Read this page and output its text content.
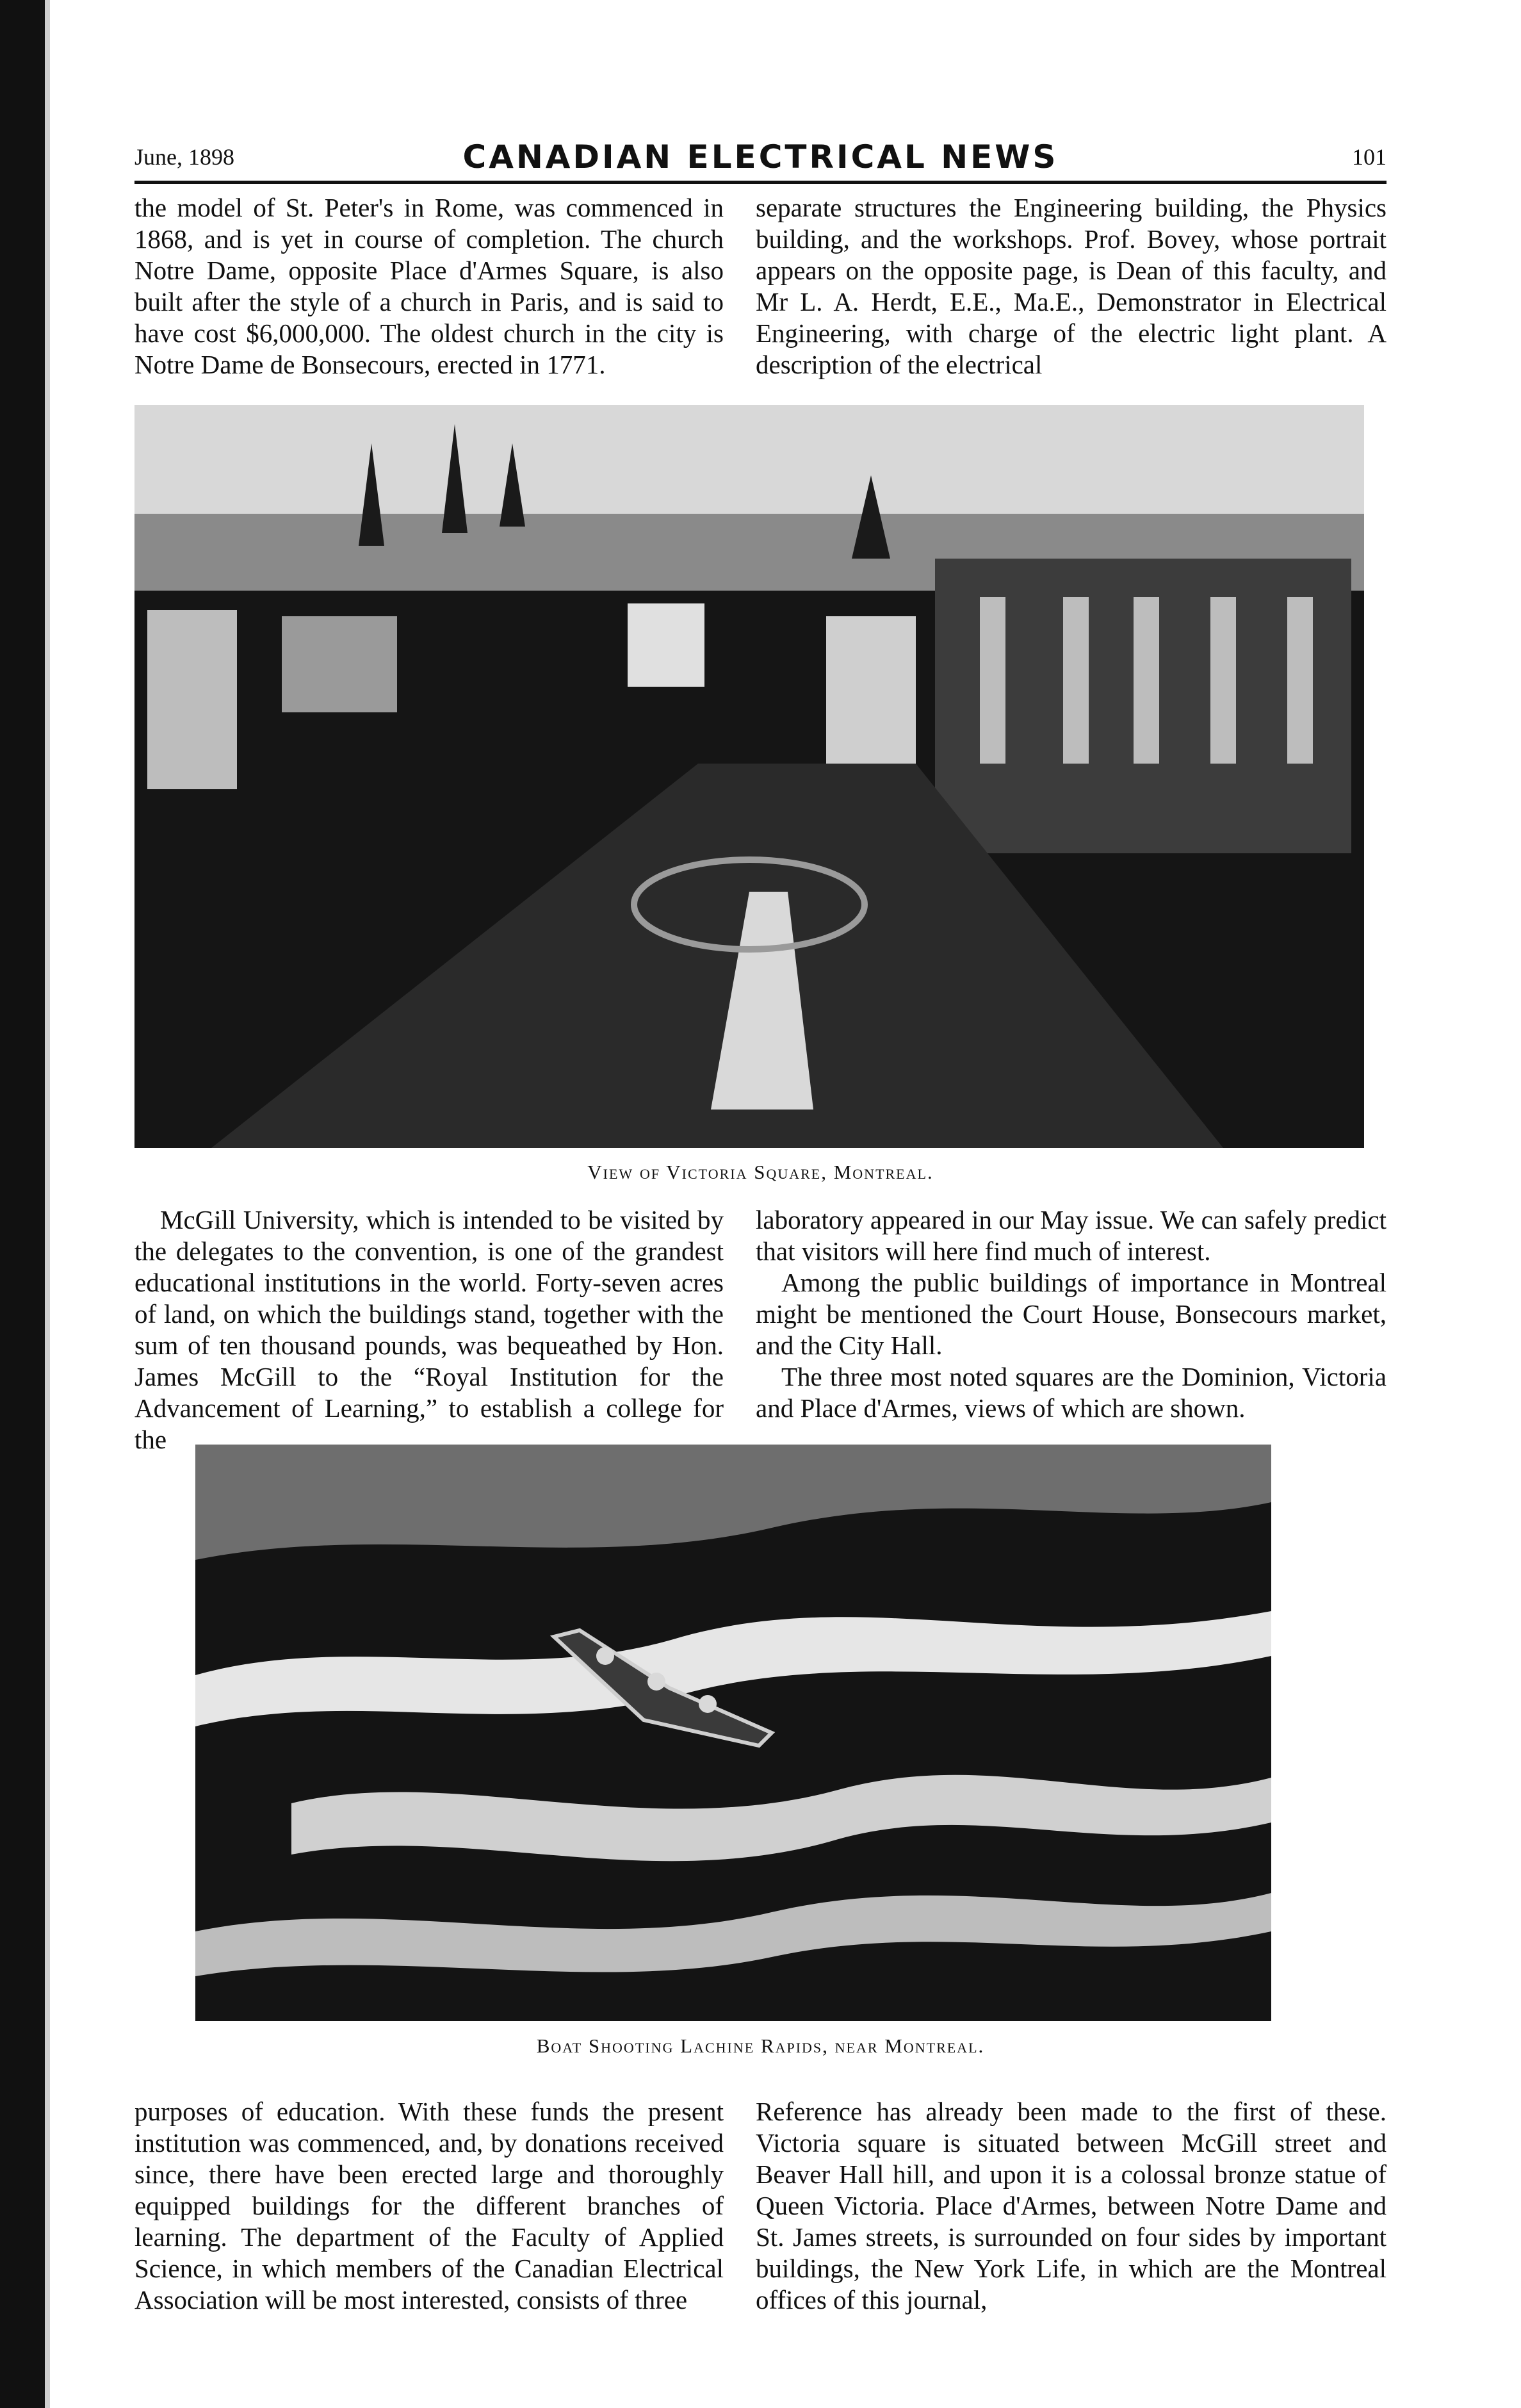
June, 1898	CANADIAN ELECTRICAL NEWS	101

the model of St. Peter's in Rome, was commenced in 1868, and is yet in course of completion. The church Notre Dame, opposite Place d'Armes Square, is also built after the style of a church in Paris, and is said to have cost $6,000,000. The oldest church in the city is Notre Dame de Bonsecours, erected in 1771.

separate structures the Engineering building, the Physics building, and the workshops. Prof. Bovey, whose portrait appears on the opposite page, is Dean of this faculty, and Mr L. A. Herdt, E.E., Ma.E., Demonstrator in Electrical Engineering, with charge of the electric light plant. A description of the electrical

View of Victoria Square, Montreal.

McGill University, which is intended to be visited by the delegates to the convention, is one of the grandest educational institutions in the world. Forty-seven acres of land, on which the buildings stand, together with the sum of ten thousand pounds, was bequeathed by Hon. James McGill to the “Royal Institution for the Advancement of Learning,” to establish a college for the

laboratory appeared in our May issue. We can safely predict that visitors will here find much of interest.

Among the public buildings of importance in Montreal might be mentioned the Court House, Bonsecours market, and the City Hall.

The three most noted squares are the Dominion, Victoria and Place d'Armes, views of which are shown.

Boat Shooting Lachine Rapids, near Montreal.

purposes of education. With these funds the present institution was commenced, and, by donations received since, there have been erected large and thoroughly equipped buildings for the different branches of learning. The department of the Faculty of Applied Science, in which members of the Canadian Electrical Association will be most interested, consists of three

Reference has already been made to the first of these. Victoria square is situated between McGill street and Beaver Hall hill, and upon it is a colossal bronze statue of Queen Victoria. Place d'Armes, between Notre Dame and St. James streets, is surrounded on four sides by important buildings, the New York Life, in which are the Montreal offices of this journal,
